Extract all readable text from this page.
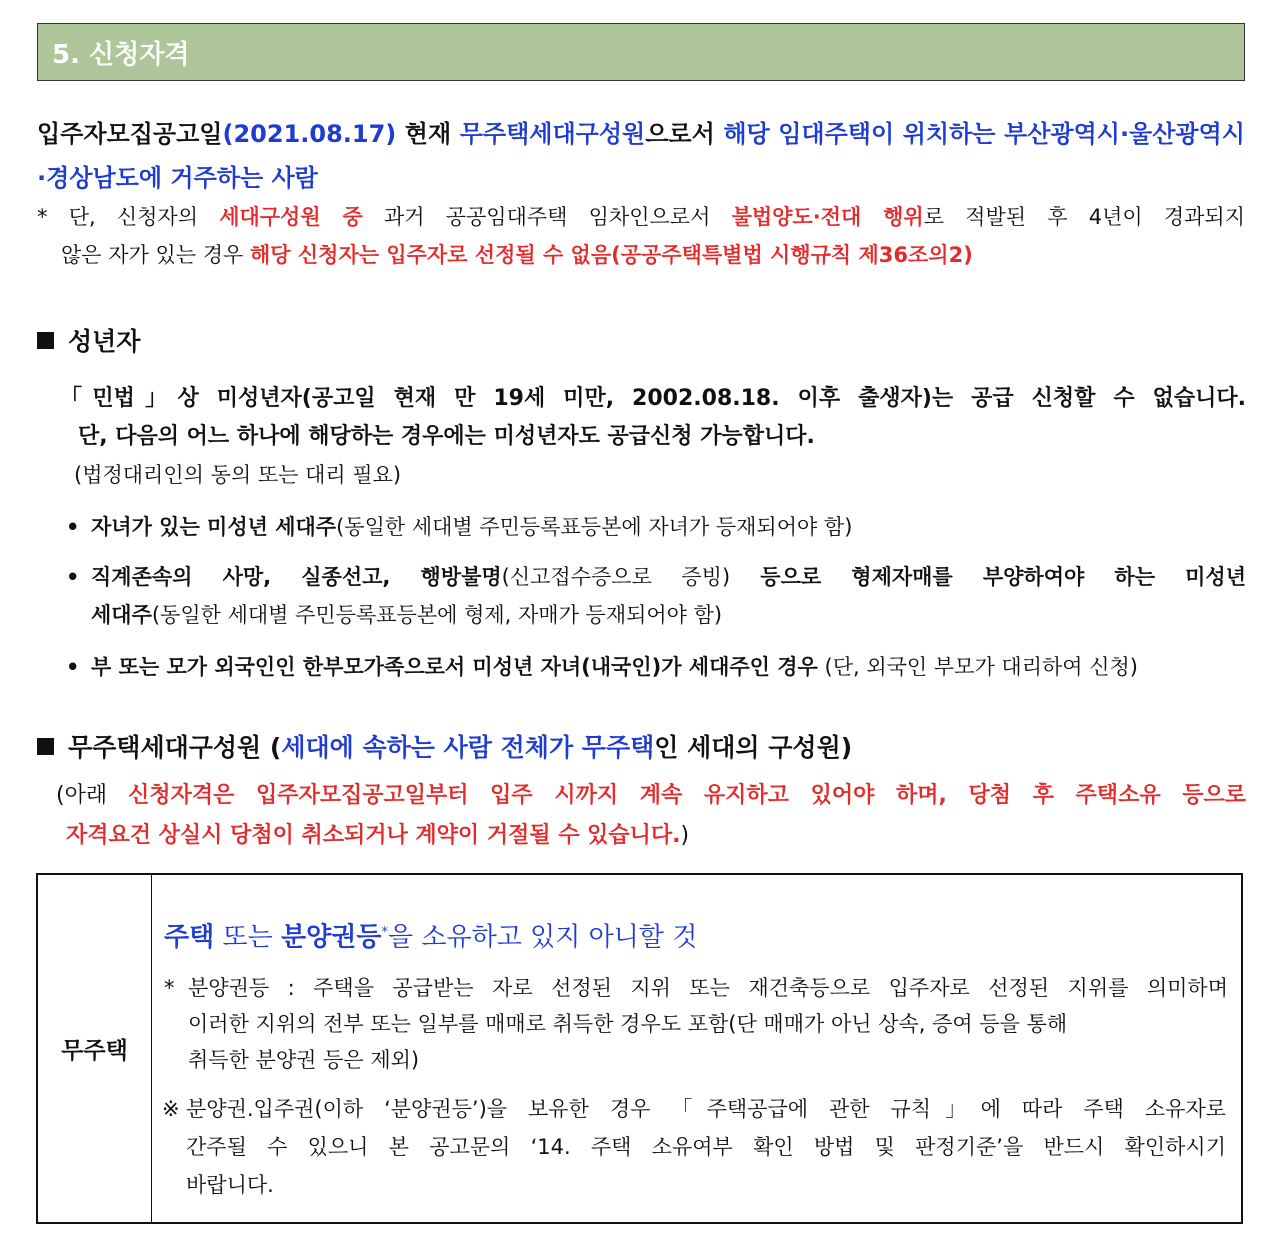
5. 신청자격
입주자모집공고일(2021.08.17) 현재 무주택세대구성원으로서 해당 임대주택이 위치하는 부산광역시·울산광역시·경상남도에 거주하는 사람
* 단, 신청자의 세대구성원 중 과거 공공임대주택 임차인으로서 불법양도·전대 행위로 적발된 후 4년이 경과되지
않은 자가 있는 경우 해당 신청자는 입주자로 선정될 수 없음(공공주택특별법 시행규칙 제36조의2)
성년자
「민법」상 미성년자(공고일 현재 만 19세 미만, 2002.08.18. 이후 출생자)는 공급 신청할 수 없습니다.
단, 다음의 어느 하나에 해당하는 경우에는 미성년자도 공급신청 가능합니다.
(법정대리인의 동의 또는 대리 필요)
• 자녀가 있는 미성년 세대주(동일한 세대별 주민등록표등본에 자녀가 등재되어야 함)
• 직계존속의 사망, 실종선고, 행방불명(신고접수증으로 증빙) 등으로 형제자매를 부양하여야 하는 미성년
세대주(동일한 세대별 주민등록표등본에 형제, 자매가 등재되어야 함)
• 부 또는 모가 외국인인 한부모가족으로서 미성년 자녀(내국인)가 세대주인 경우 (단, 외국인 부모가 대리하여 신청)
무주택세대구성원 ( 세대에 속하는 사람 전체가 무주택 인 세대의 구성원)
(아래 신청자격은 입주자모집공고일부터 입주 시까지 계속 유지하고 있어야 하며, 당첨 후 주택소유 등으로
자격요건 상실시 당첨이 취소되거나 계약이 거절될 수 있습니다.)
무주택
주택 또는 분양권등*을 소유하고 있지 아니할 것
* 분양권등 : 주택을 공급받는 자로 선정된 지위 또는 재건축등으로 입주자로 선정된 지위를 의미하며
이러한 지위의 전부 또는 일부를 매매로 취득한 경우도 포함(단 매매가 아닌 상속, 증여 등을 통해
취득한 분양권 등은 제외)
※ 분양권.입주권(이하 ‘분양권등’)을 보유한 경우 「주택공급에 관한 규칙」에 따라 주택 소유자로
간주될 수 있으니 본 공고문의 ‘14. 주택 소유여부 확인 방법 및 판정기준’을 반드시 확인하시기
바랍니다.
